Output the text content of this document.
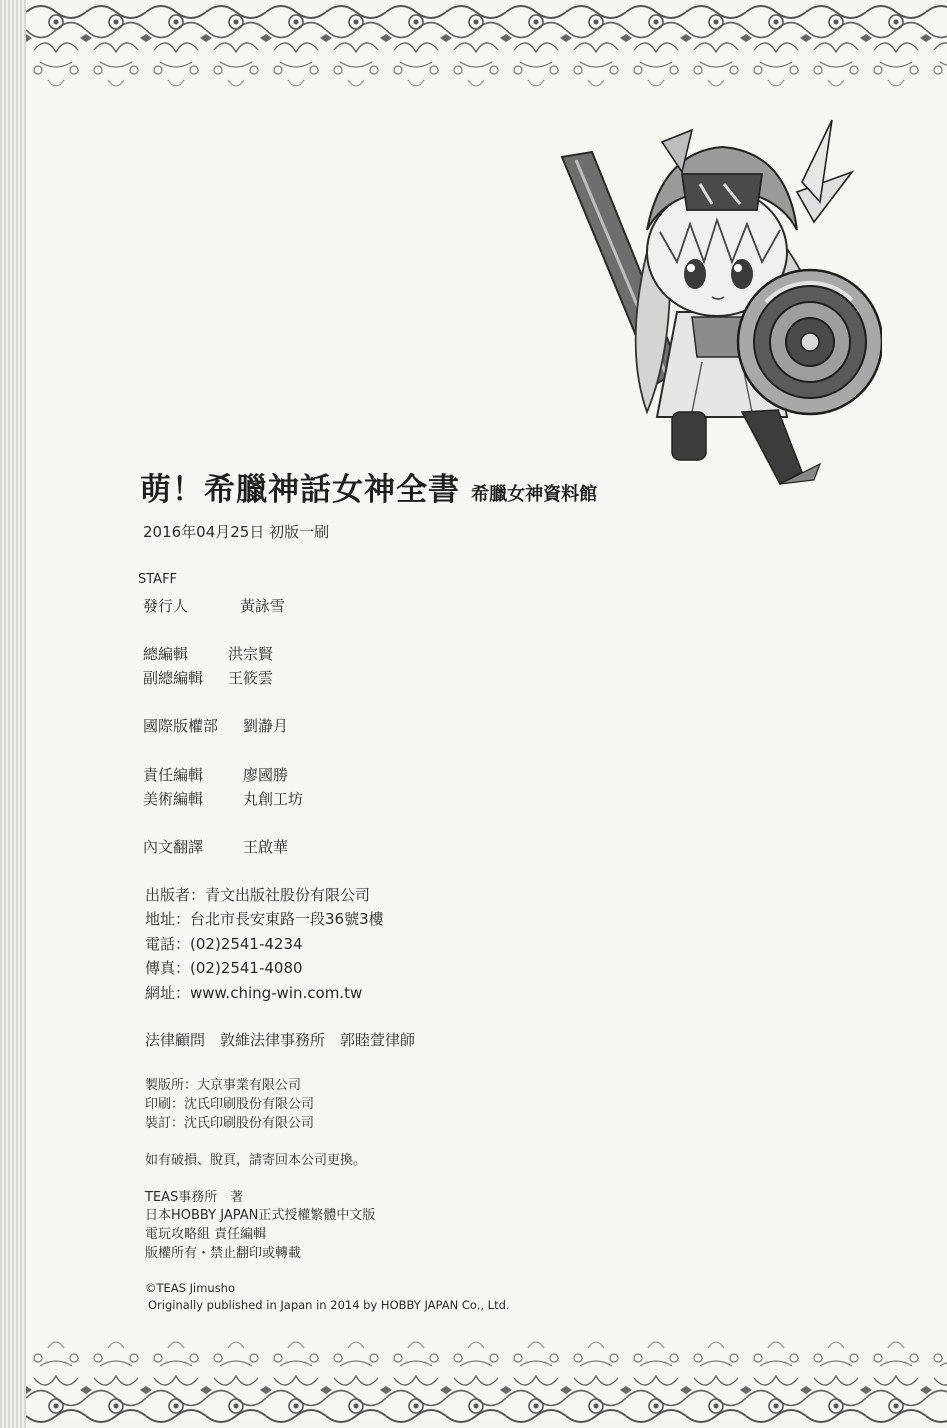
萌！希臘神話女神全書 希臘女神資料館
2016年04月25日 初版一刷
STAFF
發行人	黃詠雪
總編輯	洪宗賢
副總編輯 王筱雲
國際版權部 劉瀞月
責任編輯	廖國勝
美術編輯	丸創工坊
內文翻譯	王啟華
出版者：青文出版社股份有限公司
地址：台北市長安東路一段36號3樓
電話：(02)2541-4234
傳真：(02)2541-4080
網址：www.ching-win.com.tw
法律顧問　敦維法律事務所　郭睦萱律師
製版所：大京事業有限公司
印刷：沈氏印刷股份有限公司
裝訂：沈氏印刷股份有限公司
如有破損、脫頁，請寄回本公司更換。
TEAS事務所　著
日本HOBBY JAPAN正式授權繁體中文版
電玩攻略組 責任編輯
版權所有・禁止翻印或轉載
©TEAS Jimusho
Originally published in Japan in 2014 by HOBBY JAPAN Co., Ltd.
